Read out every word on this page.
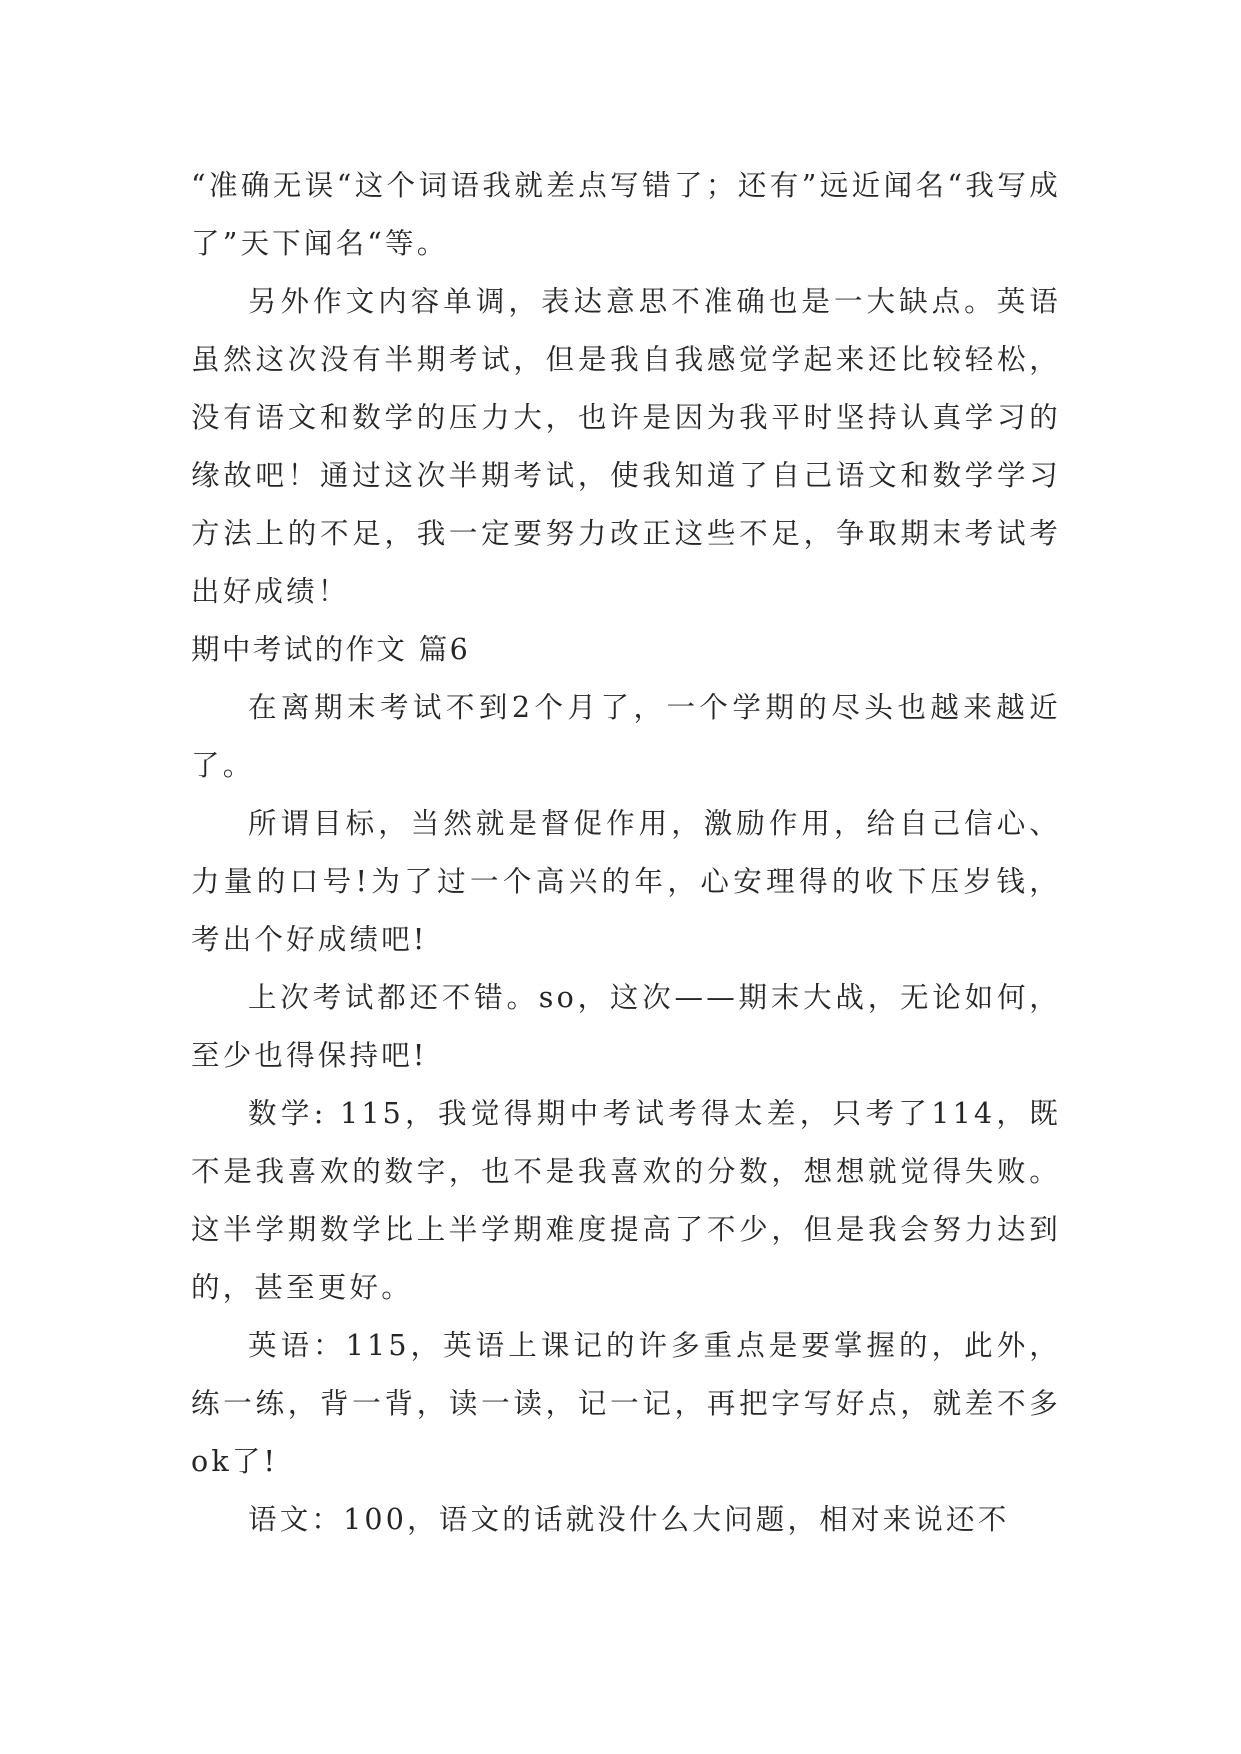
“准确无误“这个词语我就差点写错了；还有”远近闻名“我写成了”天下闻名“等。

另外作文内容单调，表达意思不准确也是一大缺点。英语虽然这次没有半期考试，但是我自我感觉学起来还比较轻松，没有语文和数学的压力大，也许是因为我平时坚持认真学习的缘故吧！通过这次半期考试，使我知道了自己语文和数学学习方法上的不足，我一定要努力改正这些不足，争取期末考试考出好成绩！

期中考试的作文 篇6

在离期末考试不到2个月了，一个学期的尽头也越来越近了。

所谓目标，当然就是督促作用，激励作用，给自己信心、力量的口号!为了过一个高兴的年，心安理得的收下压岁钱，考出个好成绩吧!

上次考试都还不错。so，这次——期末大战，无论如何，至少也得保持吧!

数学: 115，我觉得期中考试考得太差，只考了114，既不是我喜欢的数字，也不是我喜欢的分数，想想就觉得失败。这半学期数学比上半学期难度提高了不少，但是我会努力达到的，甚至更好。

英语：115，英语上课记的许多重点是要掌握的，此外，练一练，背一背，读一读，记一记，再把字写好点，就差不多ok了!

语文：100，语文的话就没什么大问题，相对来说还不
